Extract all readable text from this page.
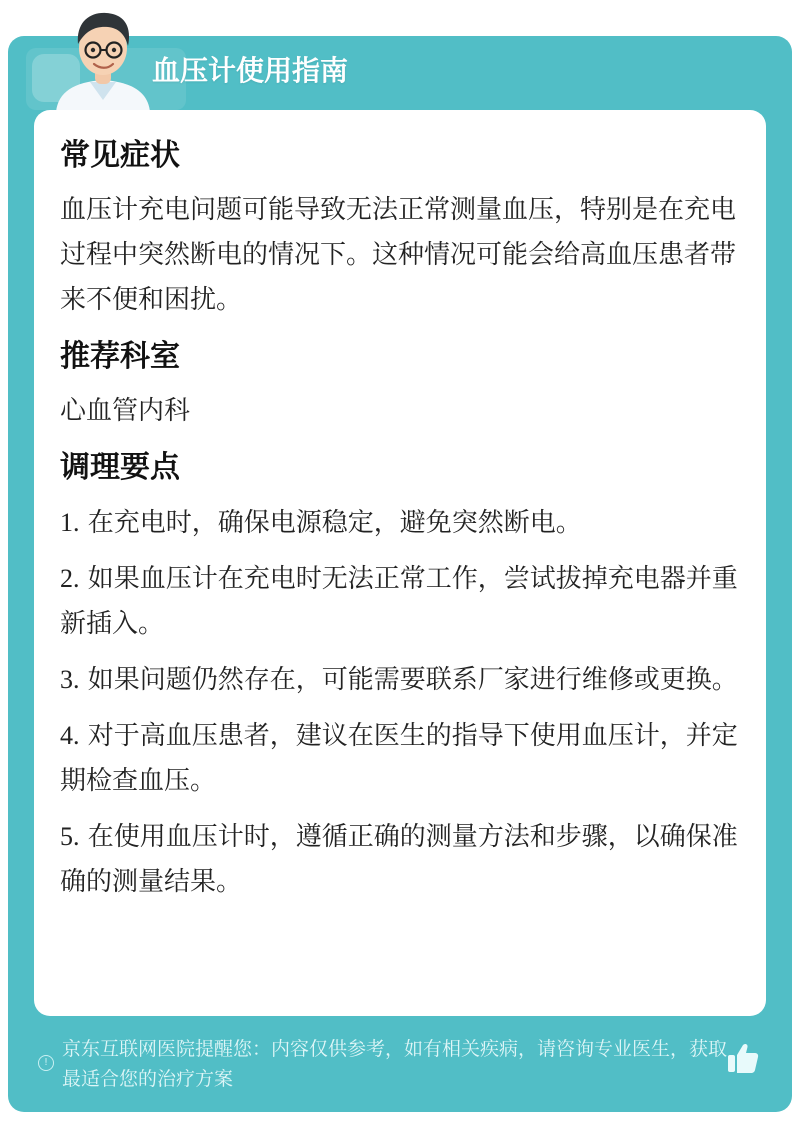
!
京东互联网医院提醒您：内容仅供参考，如有相关疾病，请咨询专业医生，获取最适合您的治疗方案
血压计使用指南
常见症状

血压计充电问题可能导致无法正常测量血压，特别是在充电过程中突然断电的情况下。这种情况可能会给高血压患者带来不便和困扰。

推荐科室

心血管内科

调理要点
1. 在充电时，确保电源稳定，避免突然断电。
2. 如果血压计在充电时无法正常工作，尝试拔掉充电器并重新插入。
3. 如果问题仍然存在，可能需要联系厂家进行维修或更换。
4. 对于高血压患者，建议在医生的指导下使用血压计，并定期检查血压。
5. 在使用血压计时，遵循正确的测量方法和步骤，以确保准确的测量结果。
